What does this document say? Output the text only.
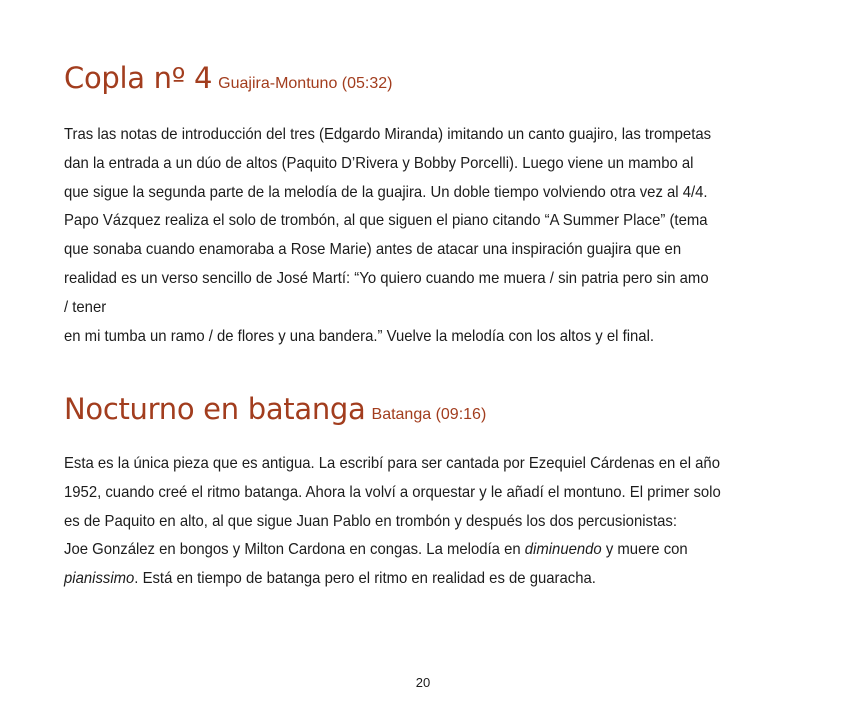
Copla nº 4 Guajira-Montuno (05:32)
Tras las notas de introducción del tres (Edgardo Miranda) imitando un canto guajiro, las trompetas
dan la entrada a un dúo de altos (Paquito D’Rivera y Bobby Porcelli). Luego viene un mambo al
que sigue la segunda parte de la melodía de la guajira. Un doble tiempo volviendo otra vez al 4/4.
Papo Vázquez realiza el solo de trombón, al que siguen el piano citando “A Summer Place” (tema
que sonaba cuando enamoraba a Rose Marie) antes de atacar una inspiración guajira que en
realidad es un verso sencillo de José Martí: “Yo quiero cuando me muera / sin patria pero sin amo
/ tener
en mi tumba un ramo / de flores y una bandera.” Vuelve la melodía con los altos y el final.
Nocturno en batanga Batanga (09:16)
Esta es la única pieza que es antigua. La escribí para ser cantada por Ezequiel Cárdenas en el año
1952, cuando creé el ritmo batanga. Ahora la volví a orquestar y le añadí el montuno. El primer solo
es de Paquito en alto, al que sigue Juan Pablo en trombón y después los dos percusionistas:
Joe González en bongos y Milton Cardona en congas. La melodía en diminuendo y muere con
pianissimo. Está en tiempo de batanga pero el ritmo en realidad es de guaracha.
20
